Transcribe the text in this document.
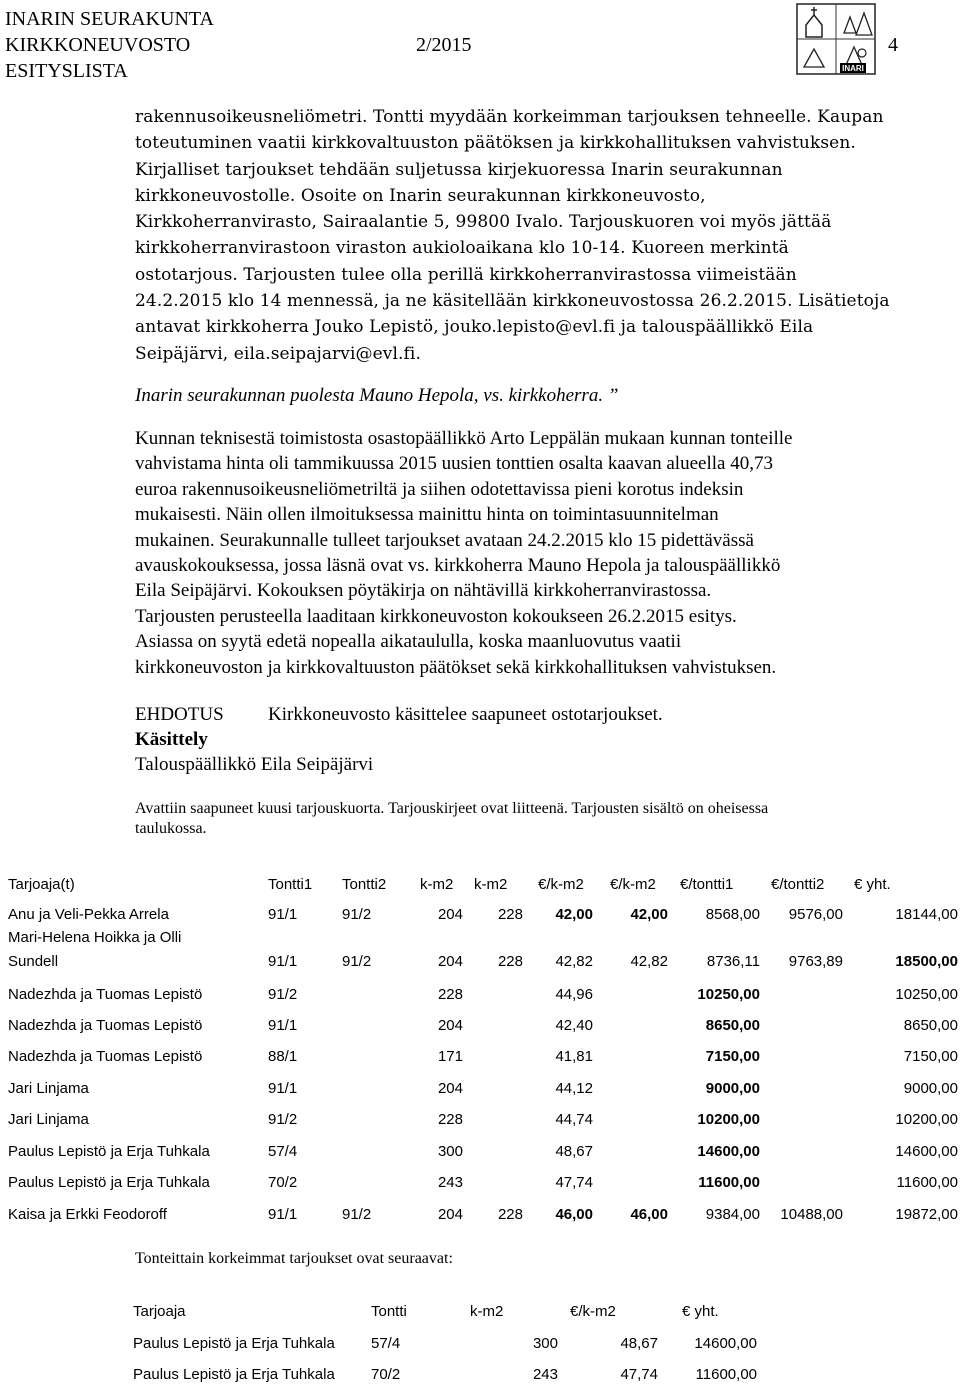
INARIN SEURAKUNTA
KIRKKONEUVOSTO
ESITYSLISTA
2/2015	4
INARI
rakennusoikeusneliömetri. Tontti myydään korkeimman tarjouksen tehneelle. Kaupan
toteutuminen vaatii kirkkovaltuuston päätöksen ja kirkkohallituksen vahvistuksen.
Kirjalliset tarjoukset tehdään suljetussa kirjekuoressa Inarin seurakunnan
kirkkoneuvostolle. Osoite on Inarin seurakunnan kirkkoneuvosto,
Kirkkoherranvirasto, Sairaalantie 5, 99800 Ivalo. Tarjouskuoren voi myös jättää
kirkkoherranvirastoon viraston aukioloaikana klo 10-14. Kuoreen merkintä
ostotarjous. Tarjousten tulee olla perillä kirkkoherranvirastossa viimeistään
24.2.2015 klo 14 mennessä, ja ne käsitellään kirkkoneuvostossa 26.2.2015. Lisätietoja
antavat kirkkoherra Jouko Lepistö, jouko.lepisto@evl.fi ja talouspäällikkö Eila
Seipäjärvi, eila.seipajarvi@evl.fi.
Inarin seurakunnan puolesta Mauno Hepola, vs. kirkkoherra. ”
Kunnan teknisestä toimistosta osastopäällikkö Arto Leppälän mukaan kunnan tonteille
vahvistama hinta oli tammikuussa 2015 uusien tonttien osalta kaavan alueella 40,73
euroa rakennusoikeusneliömetriltä ja siihen odotettavissa pieni korotus indeksin
mukaisesti. Näin ollen ilmoituksessa mainittu hinta on toimintasuunnitelman
mukainen. Seurakunnalle tulleet tarjoukset avataan 24.2.2015 klo 15 pidettävässä
avauskokouksessa, jossa läsnä ovat vs. kirkkoherra Mauno Hepola ja talouspäällikkö
Eila Seipäjärvi. Kokouksen pöytäkirja on nähtävillä kirkkoherranvirastossa.
Tarjousten perusteella laaditaan kirkkoneuvoston kokoukseen 26.2.2015 esitys.
Asiassa on syytä edetä nopealla aikataululla, koska maanluovutus vaatii
kirkkoneuvoston ja kirkkovaltuuston päätökset sekä kirkkohallituksen vahvistuksen.
EHDOTUS Kirkkoneuvosto käsittelee saapuneet ostotarjoukset.
Käsittely
Talouspäällikkö Eila Seipäjärvi
Avattiin saapuneet kuusi tarjouskuorta. Tarjouskirjeet ovat liitteenä. Tarjousten sisältö on oheisessa
taulukossa.
Tarjoaja(t)	Tontti1 Tontti2 k-m2 k-m2 €/k-m2 €/k-m2 €/tontti1	€/tontti2 € yht.
Anu ja Veli-Pekka Arrela	91/1	91/2	204 228 42,00 42,00	8568,00 9576,00	18144,00
Mari-Helena Hoikka ja Olli
Sundell	91/1	91/2	204 228 42,82 42,82	8736,11 9763,89	18500,00
Nadezhda ja Tuomas Lepistö	91/2	228	44,96	10250,00	10250,00
Nadezhda ja Tuomas Lepistö	91/1	204	42,40	8650,00	8650,00
Nadezhda ja Tuomas Lepistö	88/1	171	41,81	7150,00	7150,00
Jari Linjama	91/1	204	44,12	9000,00	9000,00
Jari Linjama	91/2	228	44,74	10200,00	10200,00
Paulus Lepistö ja Erja Tuhkala	57/4	300	48,67	14600,00	14600,00
Paulus Lepistö ja Erja Tuhkala	70/2	243	47,74	11600,00	11600,00
Kaisa ja Erkki Feodoroff	91/1	91/2	204 228 46,00 46,00	9384,00 10488,00	19872,00
Tonteittain korkeimmat tarjoukset ovat seuraavat:
Tarjoaja	Tontti	k-m2	€/k-m2	€ yht.
Paulus Lepistö ja Erja Tuhkala 57/4	300	48,67 14600,00
Paulus Lepistö ja Erja Tuhkala 70/2	243	47,74	11600,00
